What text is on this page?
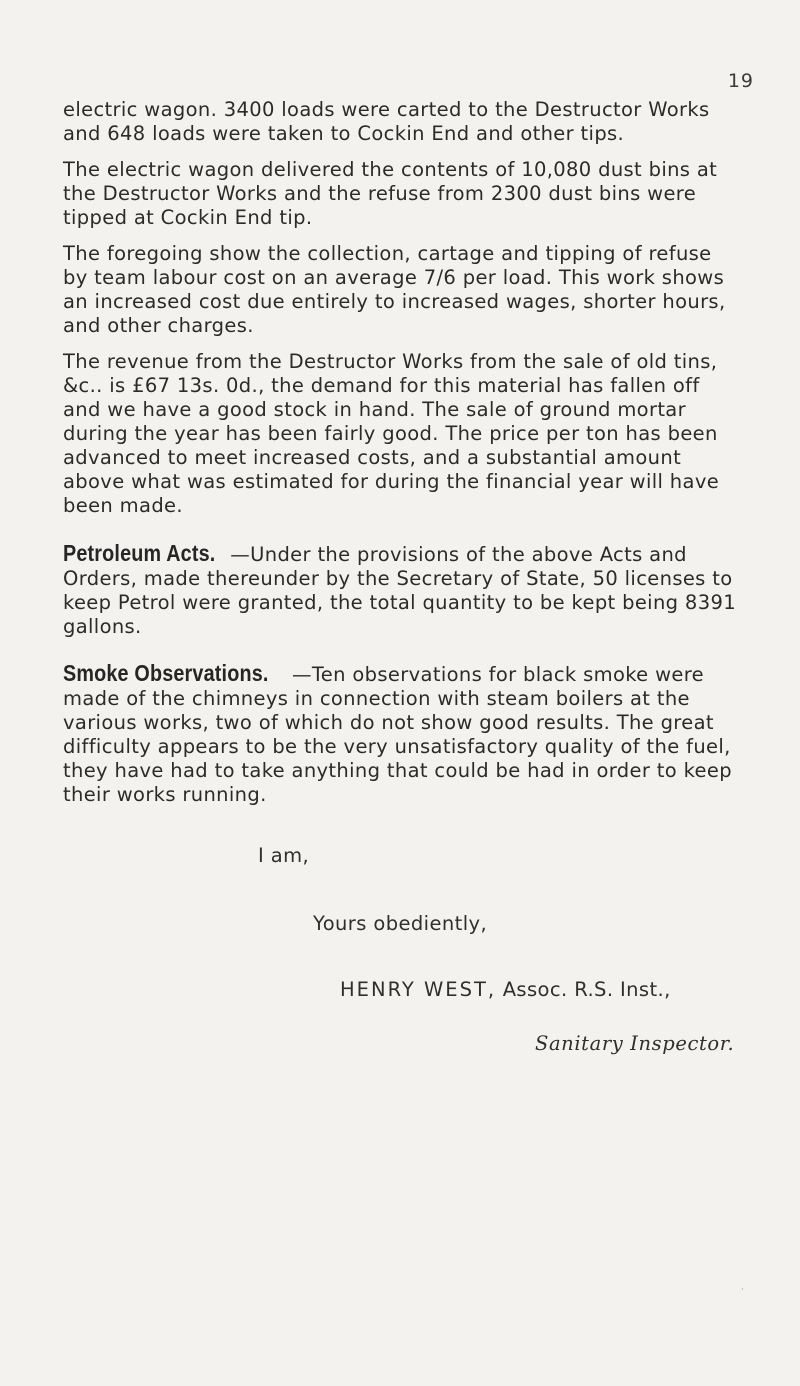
19

electric wagon. 3400 loads were carted to the Destructor Works and 648 loads were taken to Cockin End and other tips.

The electric wagon delivered the contents of 10,080 dust bins at the Destructor Works and the refuse from 2300 dust bins were tipped at Cockin End tip.

The foregoing show the collection, cartage and tipping of refuse by team labour cost on an average 7/6 per load. This work shows an increased cost due entirely to increased wages, shorter hours, and other charges.

The revenue from the Destructor Works from the sale of old tins, &c.. is £67 13s. 0d., the demand for this material has fallen off and we have a good stock in hand. The sale of ground mortar during the year has been fairly good. The price per ton has been advanced to meet increased costs, and a substantial amount above what was estimated for during the financial year will have been made.

Petroleum Acts. —Under the provisions of the above Acts and Orders, made thereunder by the Secretary of State, 50 licenses to keep Petrol were granted, the total quantity to be kept being 8391 gallons.

Smoke Observations. —Ten observations for black smoke were made of the chimneys in connection with steam boilers at the various works, two of which do not show good results. The great difficulty appears to be the very unsatisfactory quality of the fuel, they have had to take anything that could be had in order to keep their works running.

I am,
Yours obediently,
HENRY WEST, Assoc. R.S. Inst.,
Sanitary Inspector.
·
